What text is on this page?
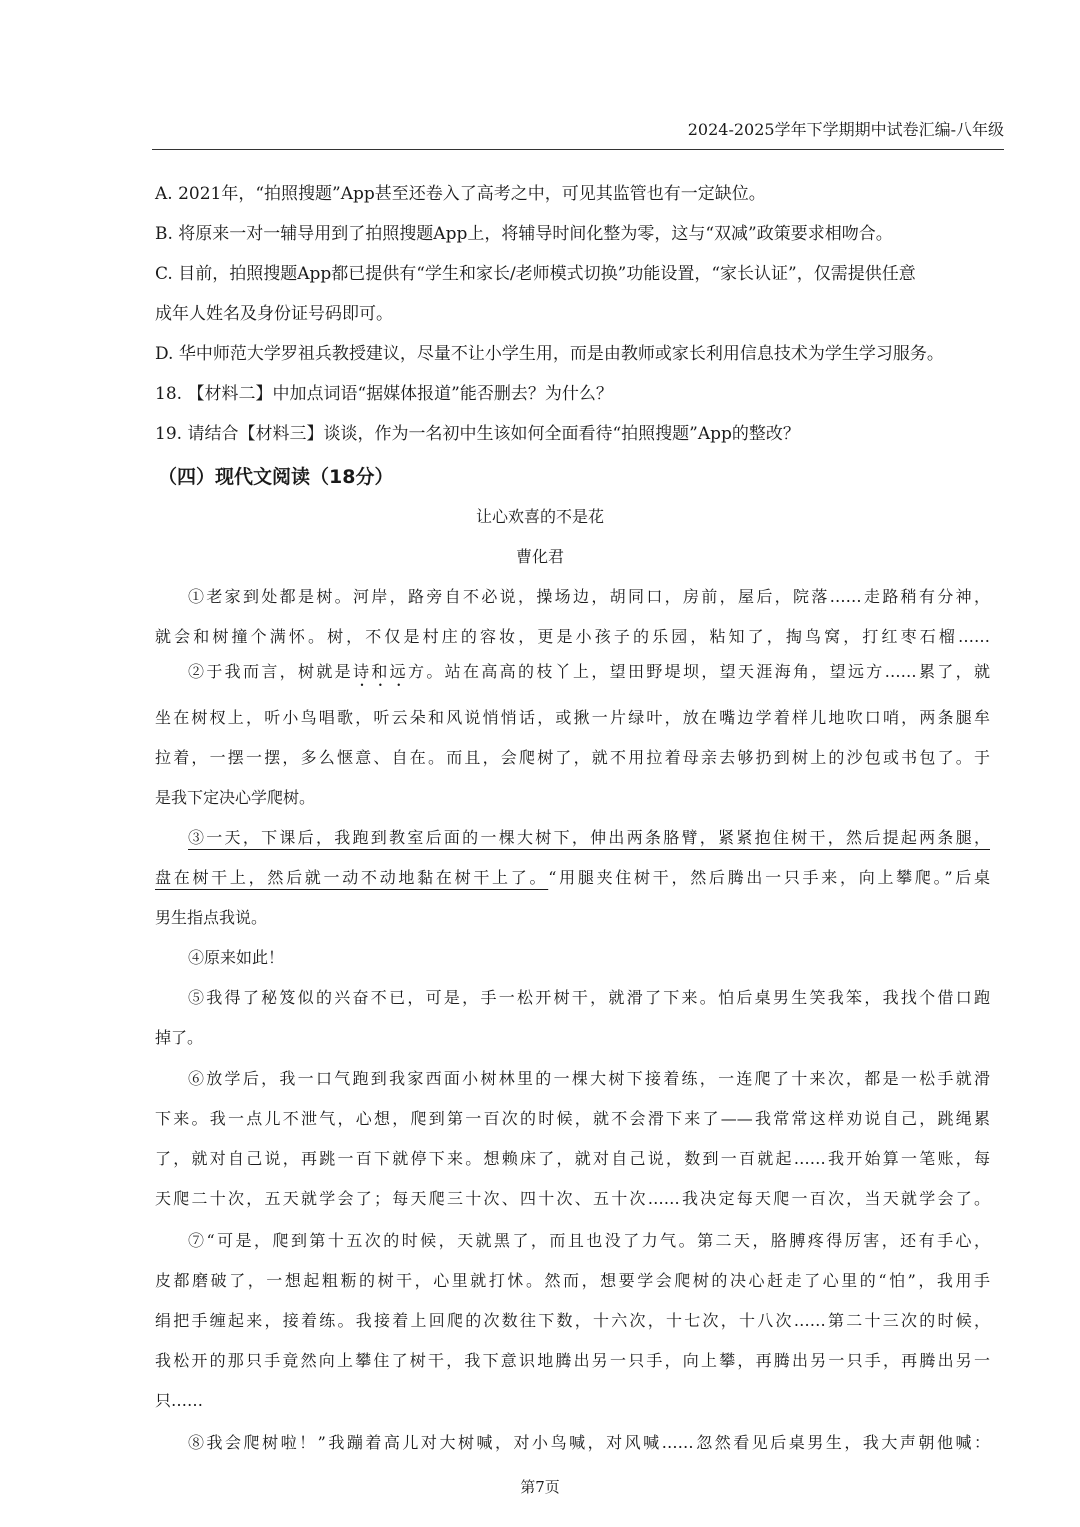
2024-2025学年下学期期中试卷汇编-八年级
A. 2021年，“拍照搜题”App甚至还卷入了高考之中，可见其监管也有一定缺位。
B. 将原来一对一辅导用到了拍照搜题App上，将辅导时间化整为零，这与“双减”政策要求相吻合。
C. 目前，拍照搜题App都已提供有“学生和家长/老师模式切换”功能设置，“家长认证”，仅需提供任意
成年人姓名及身份证号码即可。
D. 华中师范大学罗祖兵教授建议，尽量不让小学生用，而是由教师或家长利用信息技术为学生学习服务。
18. 【材料二】中加点词语“据媒体报道”能否删去？为什么？
19. 请结合【材料三】谈谈，作为一名初中生该如何全面看待“拍照搜题”App的整改？
（四）现代文阅读（18分）
让心欢喜的不是花
曹化君
①老家到处都是树。河岸，路旁自不必说，操场边，胡同口，房前，屋后，院落……走路稍有分神，
就会和树撞个满怀。树，不仅是村庄的容妆，更是小孩子的乐园，粘知了，掏鸟窝，打红枣石榴……
②于我而言，树就是诗和远方。站在高高的枝丫上，望田野堤坝，望天涯海角，望远方……累了，就
坐在树杈上，听小鸟唱歌，听云朵和风说悄悄话，或揪一片绿叶，放在嘴边学着样儿地吹口哨，两条腿牟
拉着，一摆一摆，多么惬意、自在。而且，会爬树了，就不用拉着母亲去够扔到树上的沙包或书包了。于
是我下定决心学爬树。
③一天，下课后，我跑到教室后面的一棵大树下，伸出两条胳臂，紧紧抱住树干，然后提起两条腿，
盘在树干上，然后就一动不动地黏在树干上了。“用腿夹住树干，然后腾出一只手来，向上攀爬。”后桌
男生指点我说。
④原来如此！
⑤我得了秘笈似的兴奋不已，可是，手一松开树干，就滑了下来。怕后桌男生笑我笨，我找个借口跑
掉了。
⑥放学后，我一口气跑到我家西面小树林里的一棵大树下接着练，一连爬了十来次，都是一松手就滑
下来。我一点儿不泄气，心想，爬到第一百次的时候，就不会滑下来了——我常常这样劝说自己，跳绳累
了，就对自己说，再跳一百下就停下来。想赖床了，就对自己说，数到一百就起……我开始算一笔账，每
天爬二十次，五天就学会了；每天爬三十次、四十次、五十次……我决定每天爬一百次，当天就学会了。
⑦“可是，爬到第十五次的时候，天就黑了，而且也没了力气。第二天，胳膊疼得厉害，还有手心，
皮都磨破了，一想起粗粝的树干，心里就打怵。然而，想要学会爬树的决心赶走了心里的“怕”，我用手
绢把手缠起来，接着练。我接着上回爬的次数往下数，十六次，十七次，十八次……第二十三次的时候，
我松开的那只手竟然向上攀住了树干，我下意识地腾出另一只手，向上攀，再腾出另一只手，再腾出另一
只……
⑧我会爬树啦！”我蹦着高儿对大树喊，对小鸟喊，对风喊……忽然看见后桌男生，我大声朝他喊：
第7页
